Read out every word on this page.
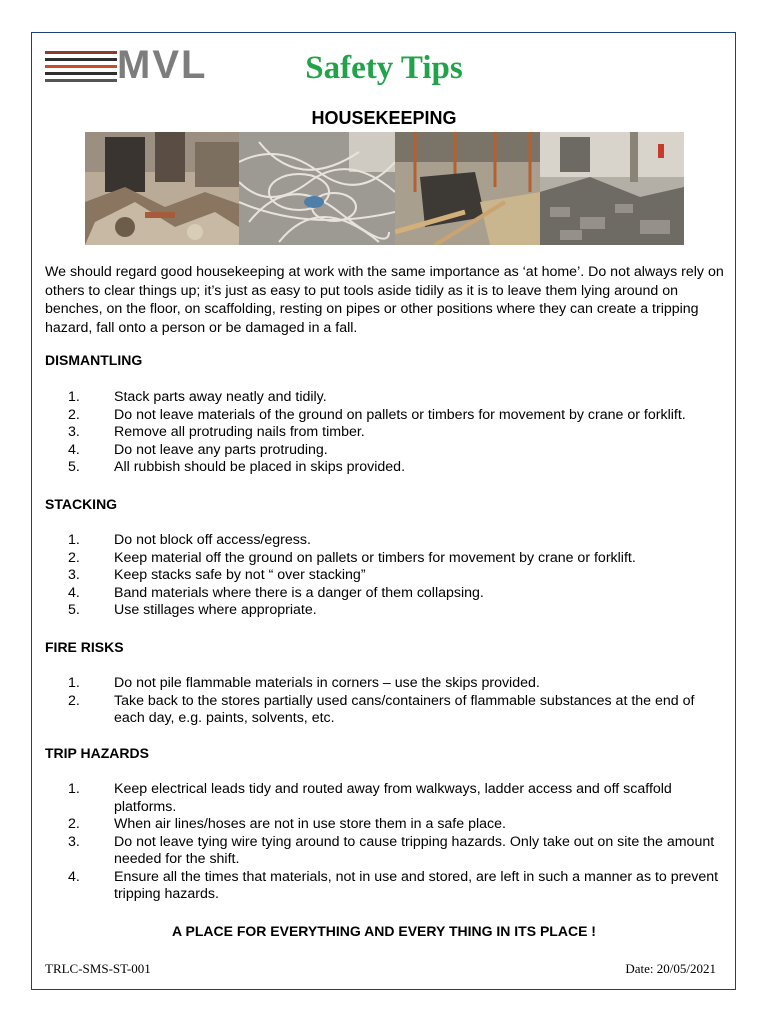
MVL	Safety Tips
HOUSEKEEPING
We should regard good housekeeping at work with the same importance as ‘at home’. Do not always rely on others to clear things up; it’s just as easy to put tools aside tidily as it is to leave them lying around on benches, on the floor, on scaffolding, resting on pipes or other positions where they can create a tripping hazard, fall onto a person or be damaged in a fall.
DISMANTLING
1. Stack parts away neatly and tidily.
2. Do not leave materials of the ground on pallets or timbers for movement by crane or forklift.
3. Remove all protruding nails from timber.
4. Do not leave any parts protruding.
5. All rubbish should be placed in skips provided.
STACKING
1. Do not block off access/egress.
2. Keep material off the ground on pallets or timbers for movement by crane or forklift.
3. Keep stacks safe by not “ over stacking”
4. Band materials where there is a danger of them collapsing.
5. Use stillages where appropriate.
FIRE RISKS
1. Do not pile flammable materials in corners – use the skips provided.
2. Take back to the stores partially used cans/containers of flammable substances at the end of each day, e.g. paints, solvents, etc.
TRIP HAZARDS
1. Keep electrical leads tidy and routed away from walkways, ladder access and off scaffold platforms.
2. When air lines/hoses are not in use store them in a safe place.
3. Do not leave tying wire tying around to cause tripping hazards. Only take out on site the amount needed for the shift.
4. Ensure all the times that materials, not in use and stored, are left in such a manner as to prevent tripping hazards.
A PLACE FOR EVERYTHING AND EVERY THING IN ITS PLACE !
TRLC-SMS-ST-001	Date: 20/05/2021
